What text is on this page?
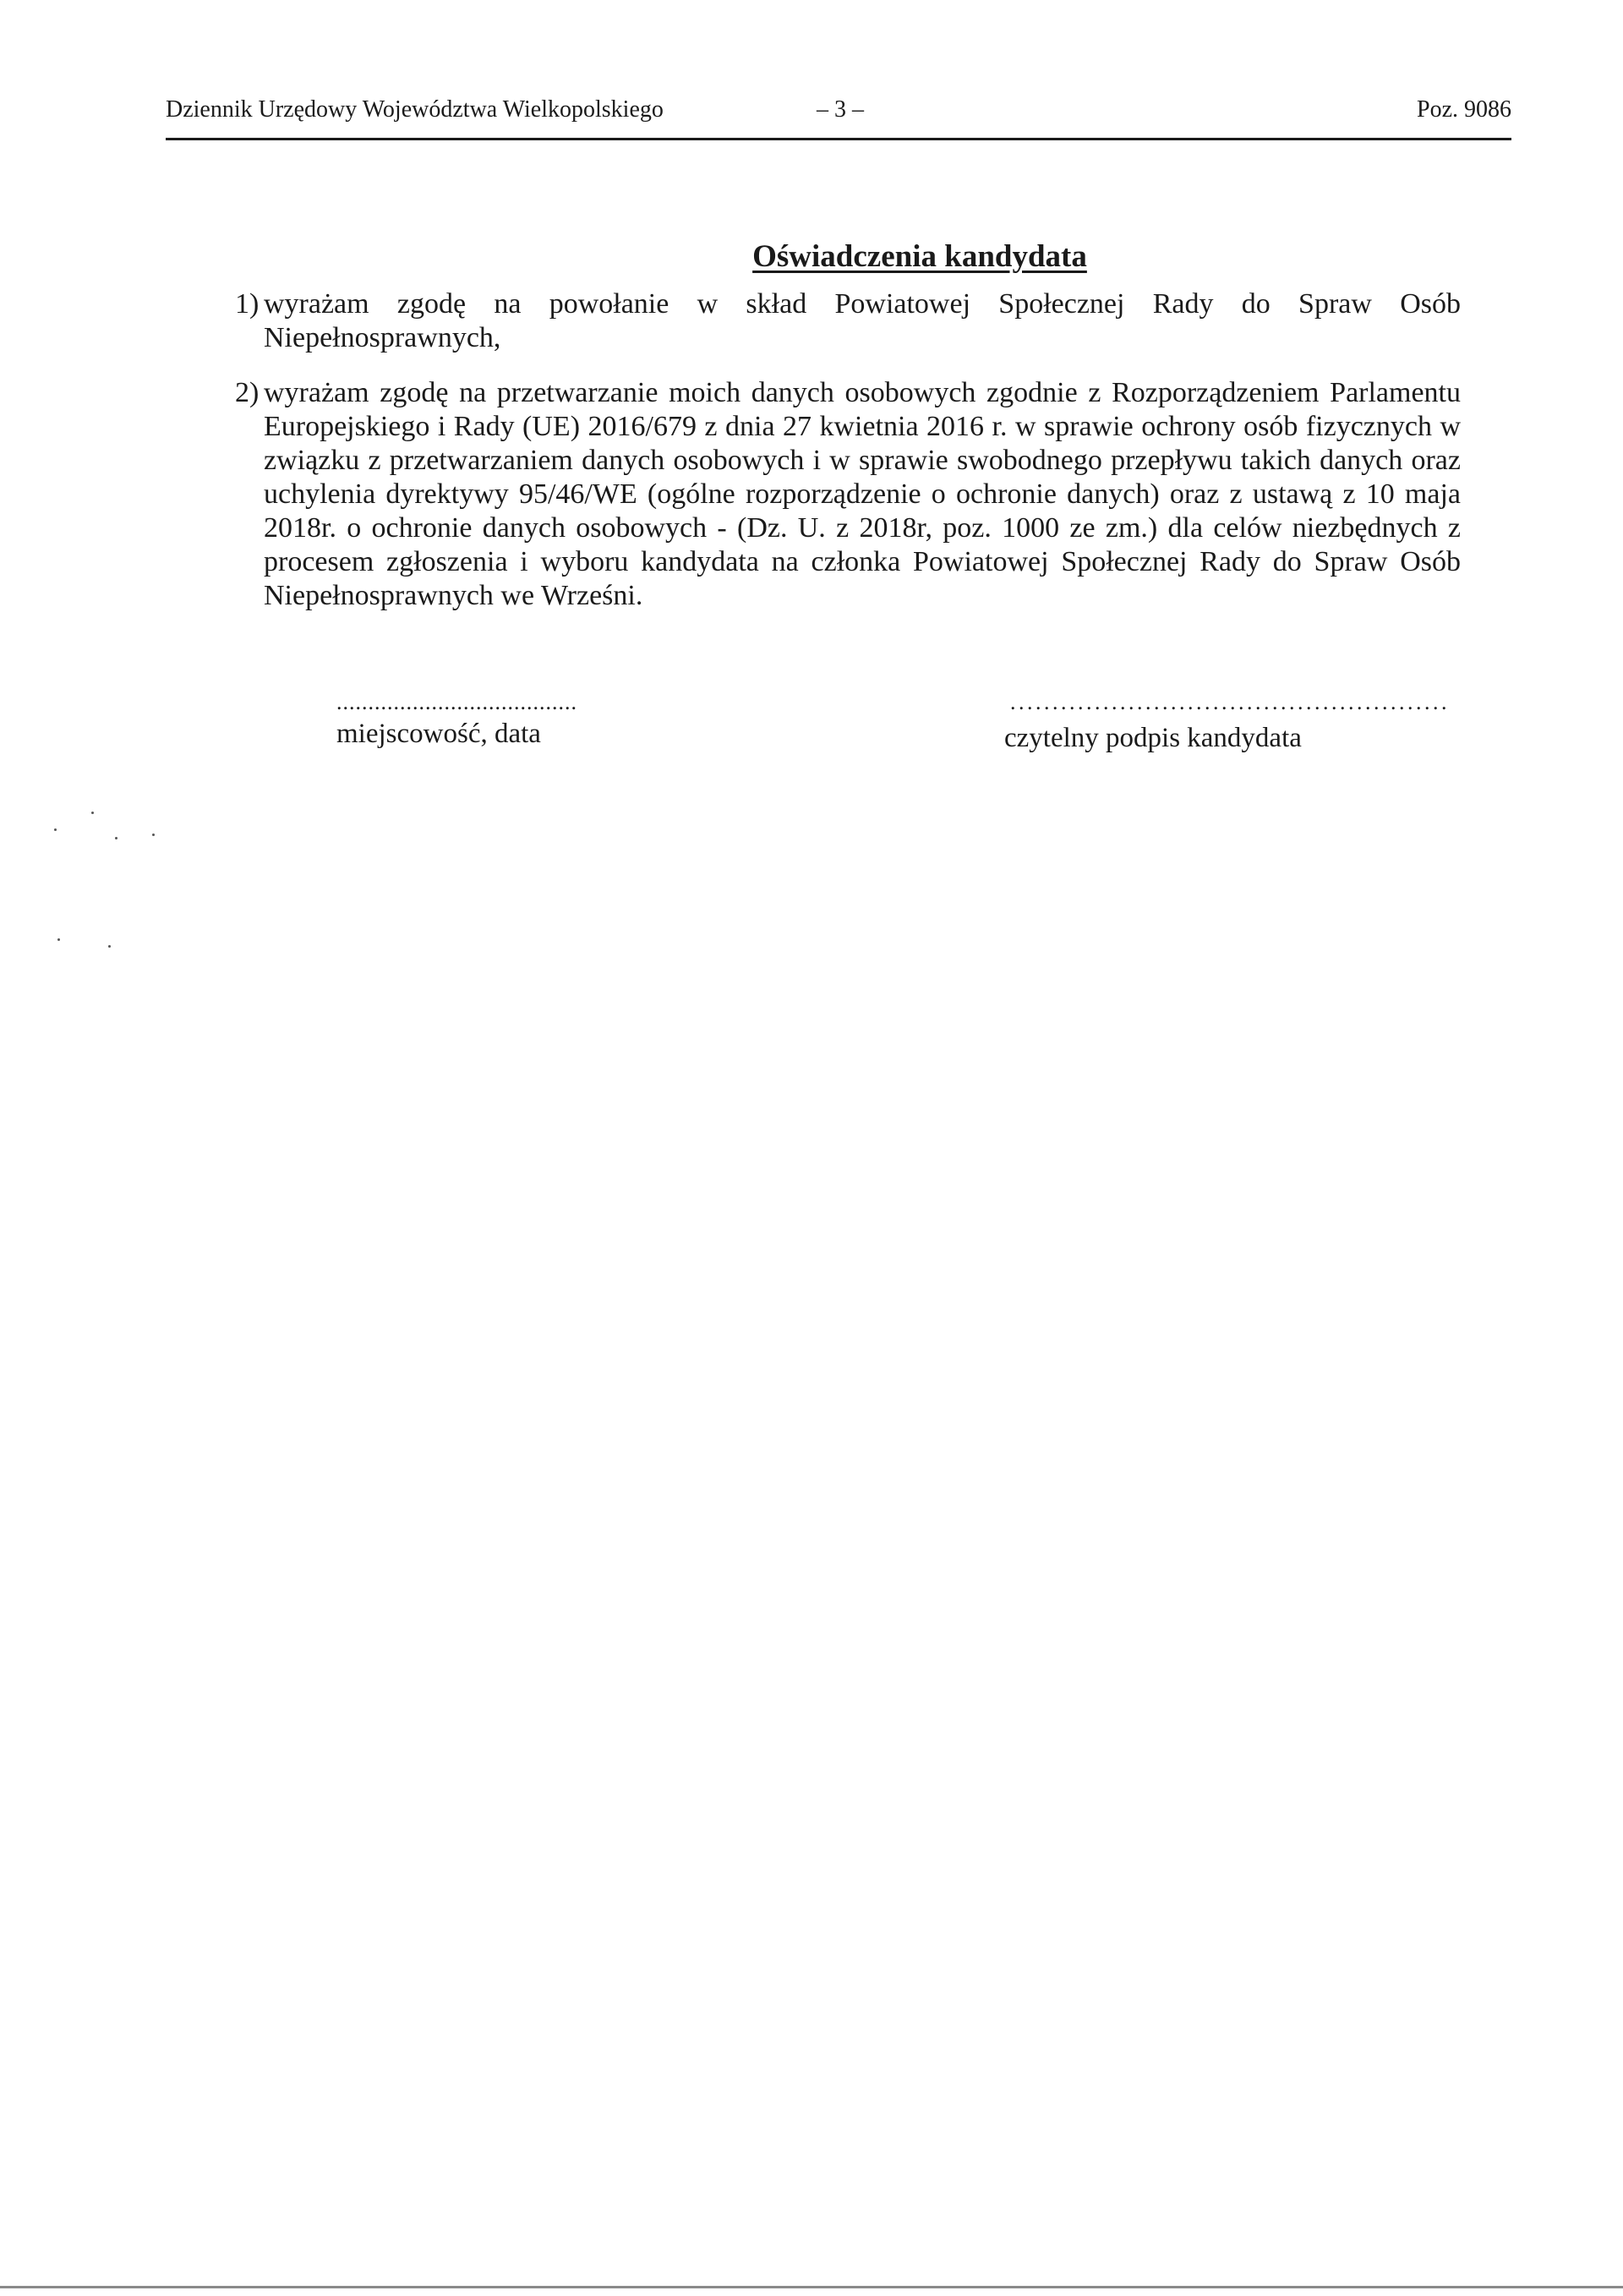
Dziennik Urzędowy Województwa Wielkopolskiego	– 3 –	Poz. 9086
Oświadczenia kandydata
1) wyrażam zgodę na powołanie w skład Powiatowej Społecznej Rady do Spraw Osób Niepełnosprawnych,
2) wyrażam zgodę na przetwarzanie moich danych osobowych zgodnie z Rozporządzeniem Parlamentu Europejskiego i Rady (UE) 2016/679 z dnia 27 kwietnia 2016 r. w sprawie ochrony osób fizycznych w związku z przetwarzaniem danych osobowych i w sprawie swobodnego przepływu takich danych oraz uchylenia dyrektywy 95/46/WE (ogólne rozporządzenie o ochronie danych) oraz z ustawą z 10 maja 2018r. o ochronie danych osobowych - (Dz. U. z 2018r, poz. 1000 ze zm.) dla celów niezbędnych z procesem zgłoszenia i wyboru kandydata na członka Powiatowej Społecznej Rady do Spraw Osób Niepełnosprawnych we Wrześni.
......................................
miejscowość, data
....................................................
czytelny podpis kandydata
